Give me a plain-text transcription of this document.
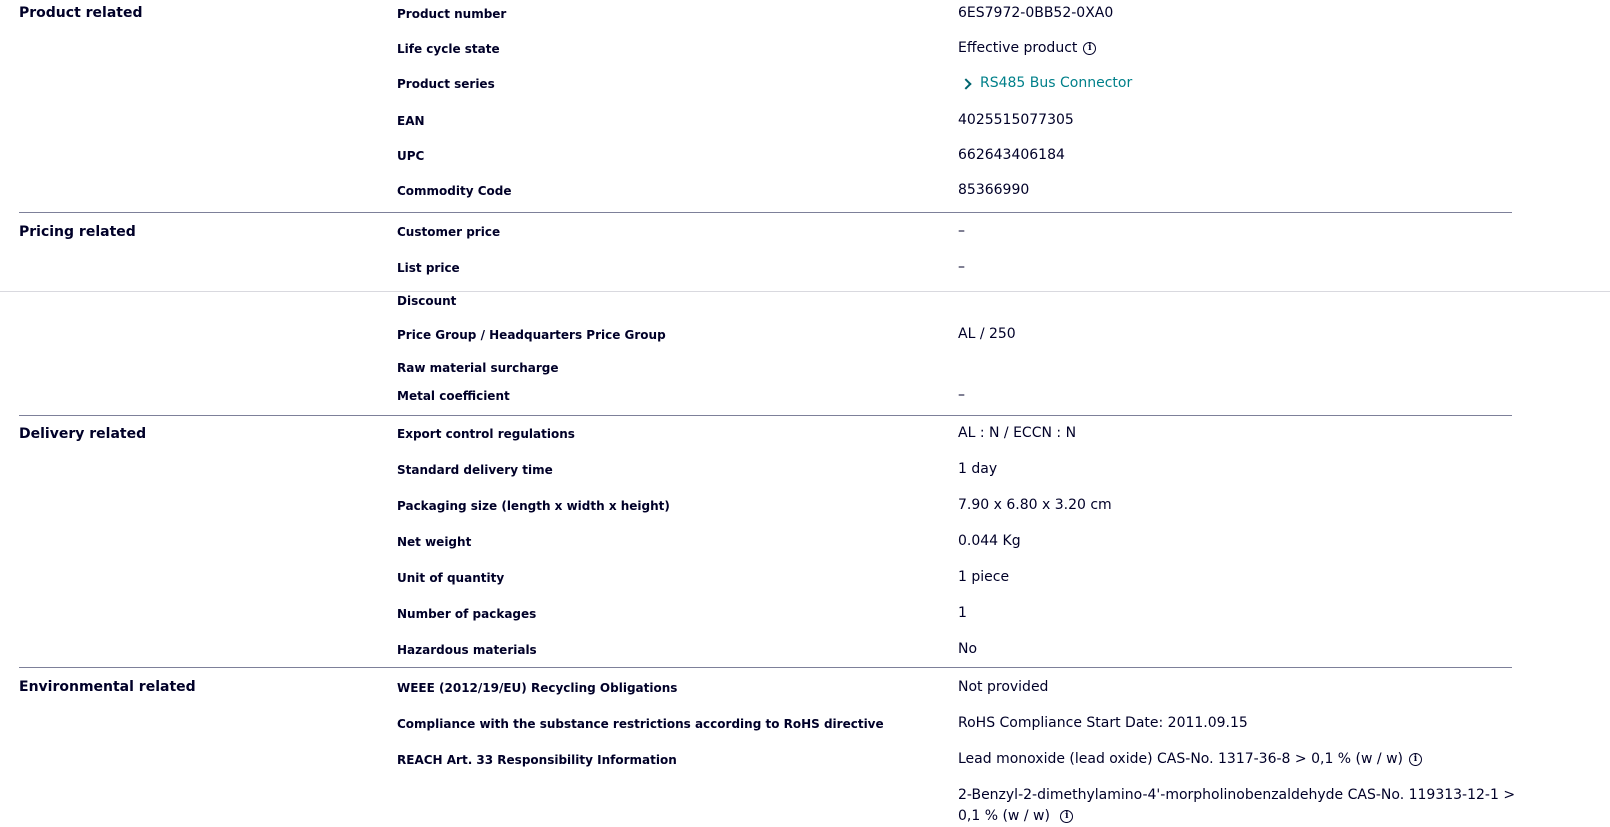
Product related	Product number	6ES7972-0BB52-0XA0
Life cycle state	Effective product	i
Product series	RS485 Bus Connector
EAN	4025515077305
UPC	662643406184
Commodity Code	85366990
Pricing related	Customer price	–
List price	–
Discount
Price Group / Headquarters Price Group	AL / 250
Raw material surcharge
Metal coefficient	–
Delivery related	Export control regulations	AL : N / ECCN : N
Standard delivery time	1 day
Packaging size (length x width x height)	7.90 x 6.80 x 3.20 cm
Net weight	0.044 Kg
Unit of quantity	1 piece
Number of packages	1
Hazardous materials	No
Environmental related	WEEE (2012/19/EU) Recycling Obligations	Not provided
Compliance with the substance restrictions according to RoHS directive	RoHS Compliance Start Date: 2011.09.15
REACH Art. 33 Responsibility Information	Lead monoxide (lead oxide) CAS-No. 1317-36-8 > 0,1 % (w / w)	i
2-Benzyl-2-dimethylamino-4'-morpholinobenzaldehyde CAS-No. 119313-12-1 > 0,1 % (w / w) i
